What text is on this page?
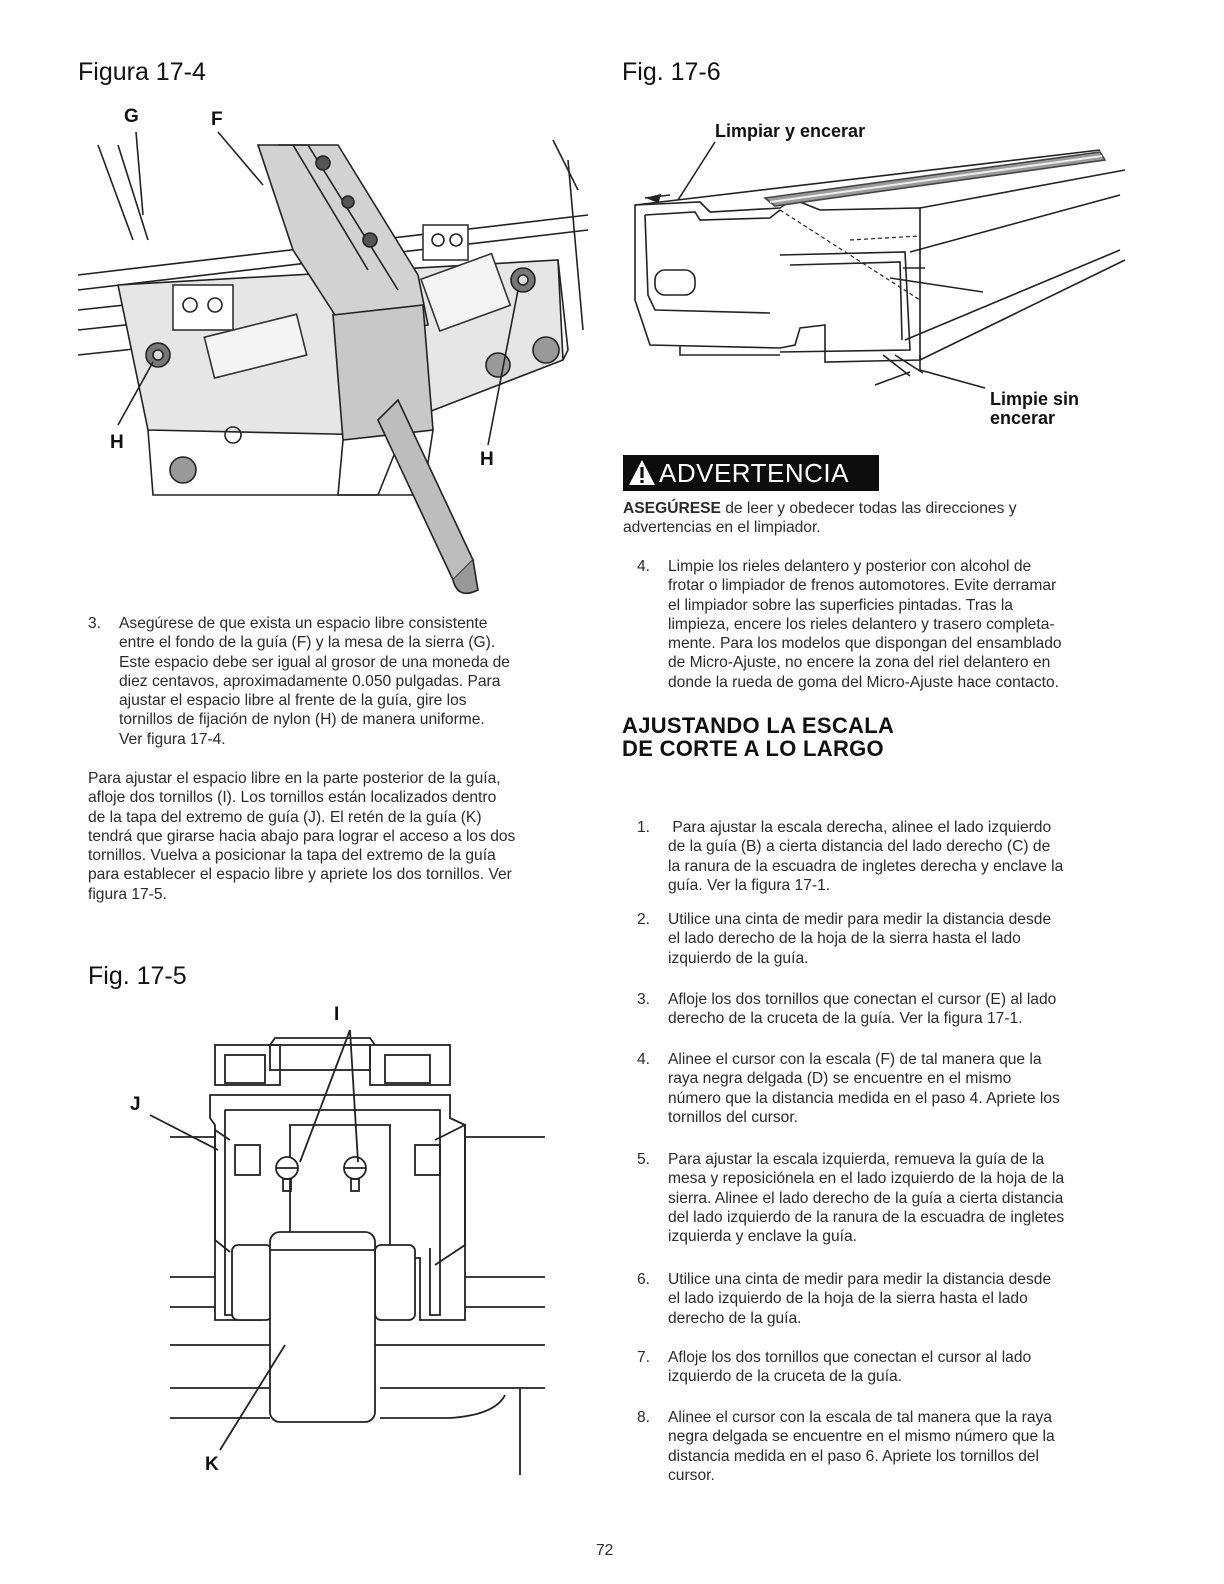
Figura 17-4
G	F
H
H
3. Asegúrese de que exista un espacio libre consistente
entre el fondo de la guía (F) y la mesa de la sierra (G).
Este espacio debe ser igual al grosor de una moneda de
diez centavos, aproximadamente 0.050 pulgadas. Para
ajustar el espacio libre al frente de la guía, gire los
tornillos de fijación de nylon (H) de manera uniforme.
Ver figura 17-4.
Para ajustar el espacio libre en la parte posterior de la guía,
afloje dos tornillos (I). Los tornillos están localizados dentro
de la tapa del extremo de guía (J). El retén de la guía (K)
tendrá que girarse hacia abajo para lograr el acceso a los dos
tornillos. Vuelva a posicionar la tapa del extremo de la guía
para establecer el espacio libre y apriete los dos tornillos. Ver
figura 17-5.
Fig. 17-5
I
J
K
Fig. 17-6
Limpiar y encerar
Limpie sin
encerar
ADVERTENCIA
ASEGÚRESE de leer y obedecer todas las direcciones y
advertencias en el limpiador.
4. Limpie los rieles delantero y posterior con alcohol de
frotar o limpiador de frenos automotores. Evite derramar
el limpiador sobre las superficies pintadas. Tras la
limpieza, encere los rieles delantero y trasero completa-
mente. Para los modelos que dispongan del ensamblado
de Micro-Ajuste, no encere la zona del riel delantero en
donde la rueda de goma del Micro-Ajuste hace contacto.
AJUSTANDO LA ESCALA
DE CORTE A LO LARGO
1. Para ajustar la escala derecha, alinee el lado izquierdo
de la guía (B) a cierta distancia del lado derecho (C) de
la ranura de la escuadra de ingletes derecha y enclave la
guía. Ver la figura 17-1.
2. Utilice una cinta de medir para medir la distancia desde
el lado derecho de la hoja de la sierra hasta el lado
izquierdo de la guía.
3. Afloje los dos tornillos que conectan el cursor (E) al lado
derecho de la cruceta de la guía. Ver la figura 17-1.
4. Alinee el cursor con la escala (F) de tal manera que la
raya negra delgada (D) se encuentre en el mismo
número que la distancia medida en el paso 4. Apriete los
tornillos del cursor.
5. Para ajustar la escala izquierda, remueva la guía de la
mesa y reposiciónela en el lado izquierdo de la hoja de la
sierra. Alinee el lado derecho de la guía a cierta distancia
del lado izquierdo de la ranura de la escuadra de ingletes
izquierda y enclave la guía.
6. Utilice una cinta de medir para medir la distancia desde
el lado izquierdo de la hoja de la sierra hasta el lado
derecho de la guía.
7. Afloje los dos tornillos que conectan el cursor al lado
izquierdo de la cruceta de la guía.
8. Alinee el cursor con la escala de tal manera que la raya
negra delgada se encuentre en el mismo número que la
distancia medida en el paso 6. Apriete los tornillos del
cursor.
72
